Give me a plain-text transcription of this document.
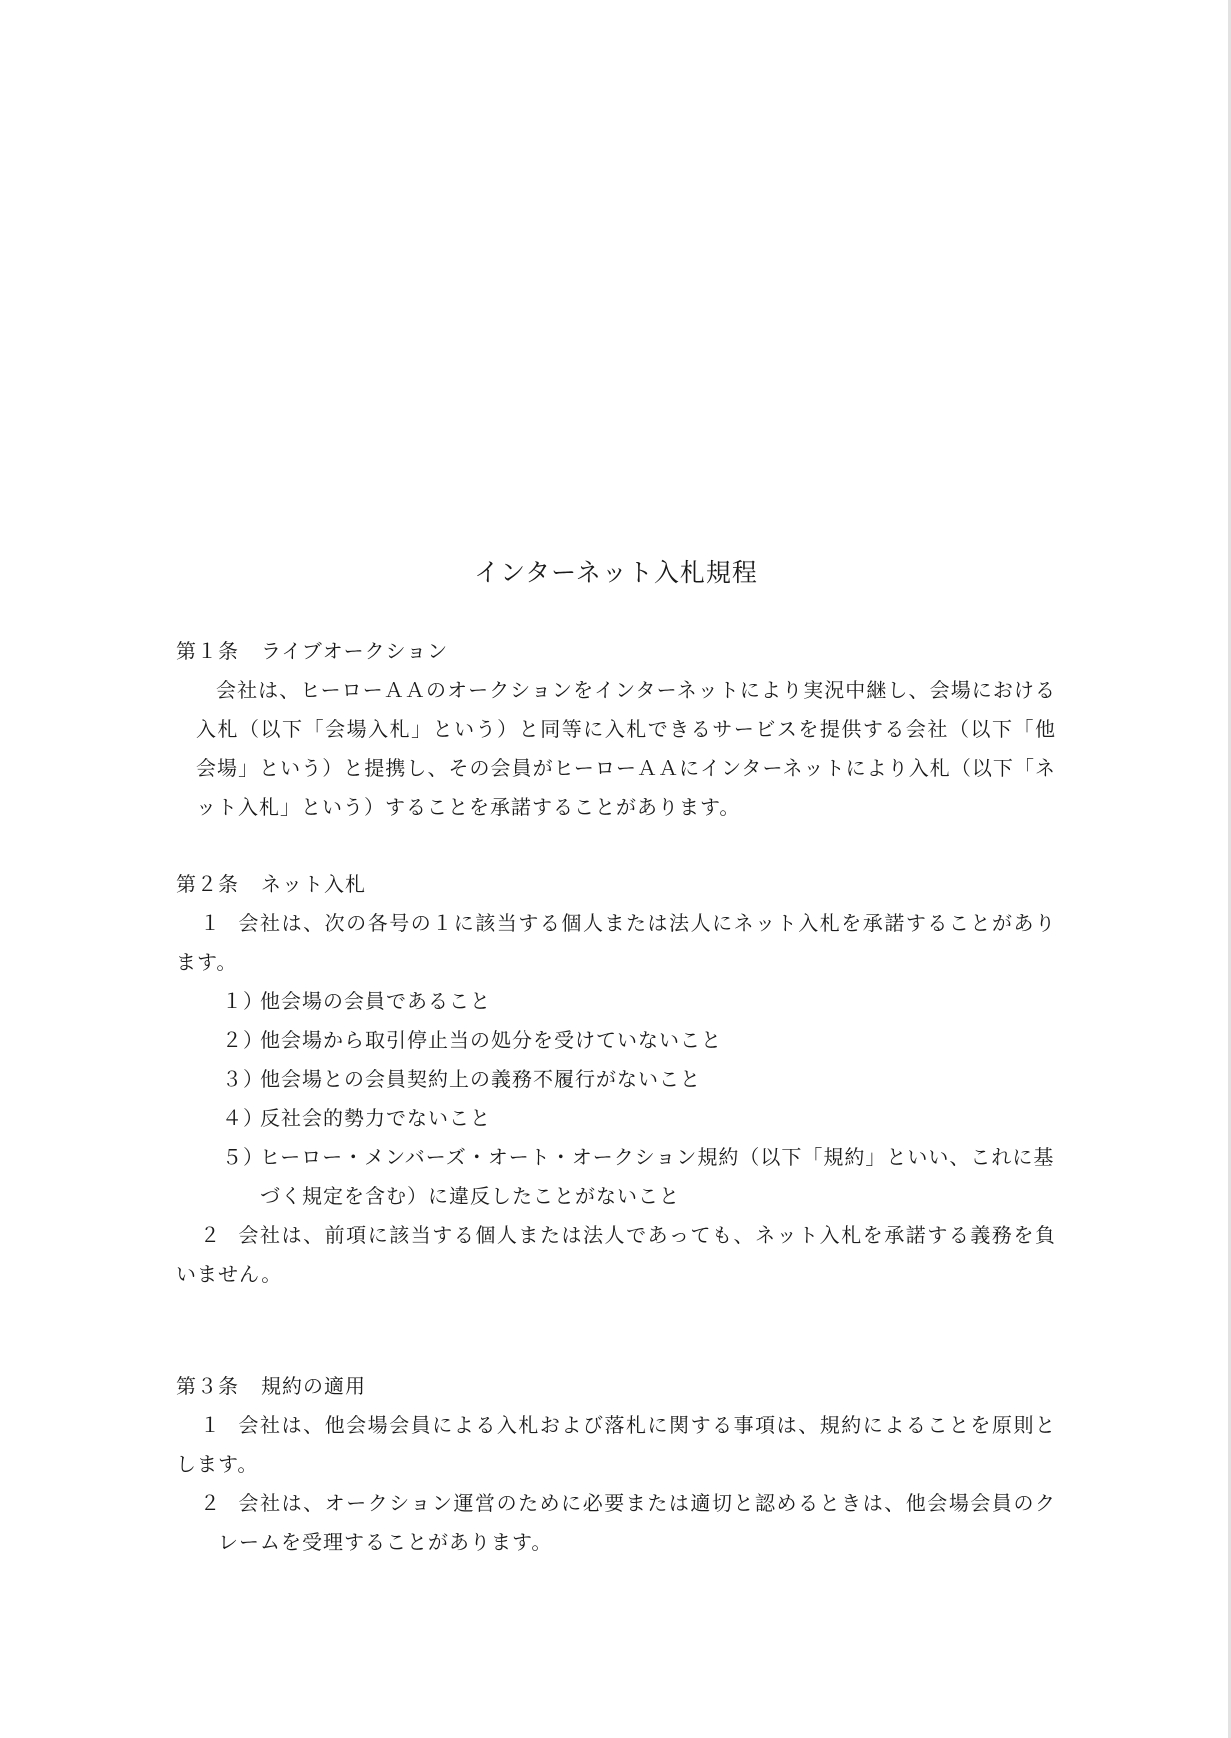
インターネット入札規程

第１条 ライブオークション

会社は、ヒーローＡＡのオークションをインターネットにより実況中継し、会場における入札（以下「会場入札」という）と同等に入札できるサービスを提供する会社（以下「他会場」という）と提携し、その会員がヒーローＡＡにインターネットにより入札（以下「ネット入札」という）することを承諾することがあります。

第２条 ネット入札

１ 会社は、次の各号の１に該当する個人または法人にネット入札を承諾することがあります。

１）他会場の会員であること
２）他会場から取引停止当の処分を受けていないこと
３）他会場との会員契約上の義務不履行がないこと
４）反社会的勢力でないこと
５）ヒーロー・メンバーズ・オート・オークション規約（以下「規約」といい、これに基づく規定を含む）に違反したことがないこと

２ 会社は、前項に該当する個人または法人であっても、ネット入札を承諾する義務を負いません。

第３条 規約の適用

１ 会社は、他会場会員による入札および落札に関する事項は、規約によることを原則とします。

２ 会社は、オークション運営のために必要または適切と認めるときは、他会場会員のクレームを受理することがあります。
